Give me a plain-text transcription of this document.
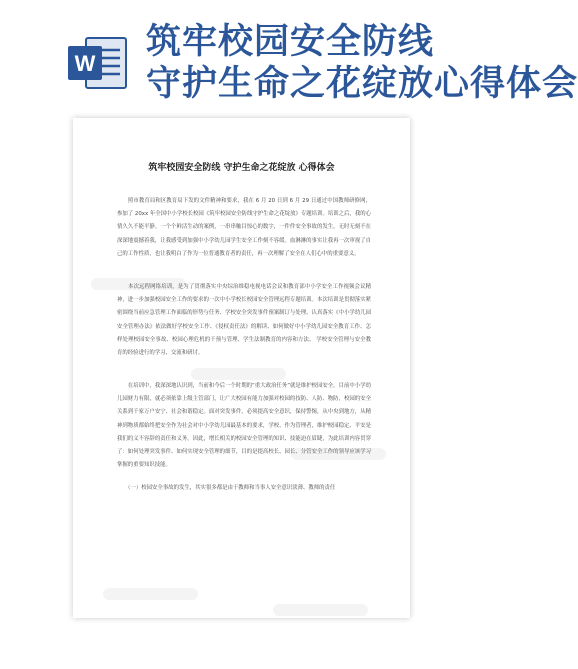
W
筑牢校园安全防线
守护生命之花绽放心得体会
筑牢校园安全防线 守护生命之花绽放 心得体会

　　照市教育局和区教育局下发的文件精神和要求，我在 6 月 20 日到 6 月 29 日通过中国教师研修网，参加了 20xx 年全国中小学校长校园《筑牢校园安全防线守护生命之花绽放》专题培训。培训之后，我的心情久久不能平静。一个个鲜活生动的案例，一串串触目惊心的数字，一件件安全事故的发生，无时无刻不在深深地震撼着我，让我感受到加强中小学幼儿园学生安全工作刻不容缓。血淋淋的事实让我再一次审视了自己的工作性质，也让我明白了作为一位普通教育者的责任，再一次理解了安全在人们心中的重要意义。

　　本次远程网络培训，是为了贯彻落实中央综治维稳电视电话会议和教育部中小学安全工作视频会议精神，进一步加强校园安全工作的要求的一次中小学校长校园安全管理远程专题培训。本次培训是贯彻落实紧密围绕当前应急管理工作面临的形势与任务、学校安全突发事件预案制订与处理、认真落实《中小学幼儿园安全管理办法》依法做好学校安全工作、《侵权责任法》的解读、如何做好中小学幼儿园安全教育工作、怎样处理校园安全事故、校园心理危机的干预与管理、学生法制教育的内容和方法、 学校安全管理与安全教育的经验进行的学习、交流和研讨。

　　在培训中，我深深地认识到，当前和今后一个时期的“重大政治任务”就是维护校园安全。目前中小学幼儿园财力有限，就必须依靠上级主管部门，让广大校园有能力加强对校园的技防、人防、物防，校园的安全关系到千家万户安宁、社会和谐稳定。面对突发事件，必须提高安全意识，保持警惕，从中央到地方，从精神到物质都始终把安全作为社会对中小学幼儿园最基本的要求，学校、作为管理者，维护校园稳定、平安是我们的义不容辞的责任和义务。因此，增长相关的校园安全管理的知识、技能迫在眉睫，为此培训内容贯穿了：如何处理突发事件、如何实现安全管理的细节，目的是提高校长、园长、分管安全工作的领导应该学习掌握的重要知识技能。

　　（一）校园安全事故的发生，其实很多都是由于教师和当事人安全意识淡薄、教师的责任
